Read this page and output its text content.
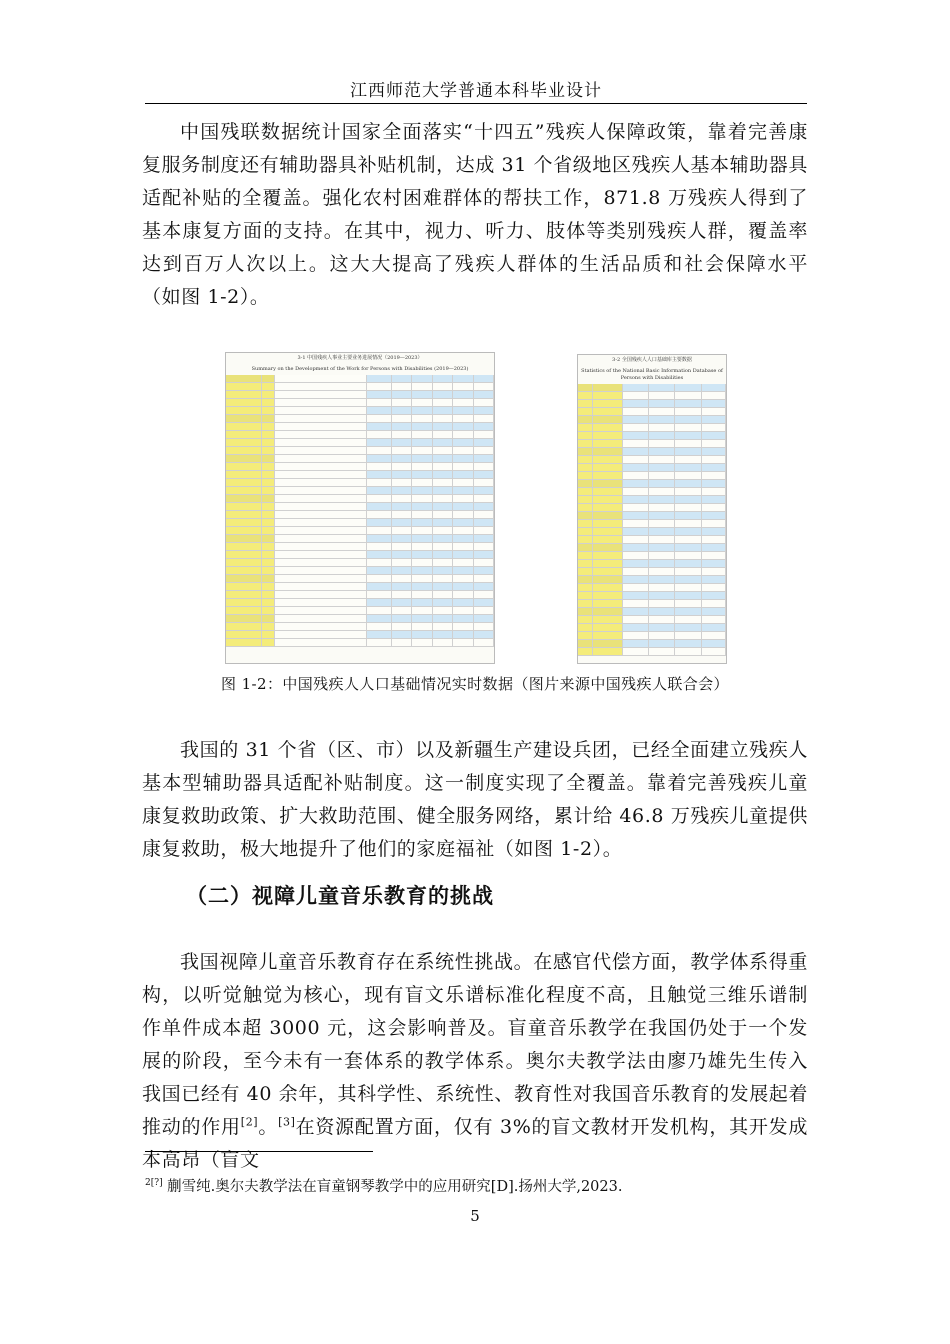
江西师范大学普通本科毕业设计

中国残联数据统计国家全面落实“十四五”残疾人保障政策，靠着完善康复服务制度还有辅助器具补贴机制，达成 31 个省级地区残疾人基本辅助器具适配补贴的全覆盖。强化农村困难群体的帮扶工作，871.8 万残疾人得到了基本康复方面的支持。在其中，视力、听力、肢体等类别残疾人群，覆盖率达到百万人次以上。这大大提高了残疾人群体的生活品质和社会保障水平（如图 1-2）。

3-1 中国残疾人事业主要业务进展情况（2019—2023）
Summary on the Development of the Work for Persons with Disabilities (2019—2023)
3-2 全国残疾人人口基础库主要数据
Statistics of the National Basic Information Database of Persons with Disabilities
图 1-2：中国残疾人人口基础情况实时数据（图片来源中国残疾人联合会）

我国的 31 个省（区、市）以及新疆生产建设兵团，已经全面建立残疾人基本型辅助器具适配补贴制度。这一制度实现了全覆盖。靠着完善残疾儿童康复救助政策、扩大救助范围、健全服务网络，累计给 46.8 万残疾儿童提供康复救助，极大地提升了他们的家庭福祉（如图 1-2）。

（二）视障儿童音乐教育的挑战

我国视障儿童音乐教育存在系统性挑战。在感官代偿方面，教学体系得重构，以听觉触觉为核心，现有盲文乐谱标准化程度不高，且触觉三维乐谱制作单件成本超 3000 元，这会影响普及。盲童音乐教学在我国仍处于一个发展的阶段，至今未有一套体系的教学体系。奥尔夫教学法由廖乃雄先生传入我国已经有 40 余年，其科学性、系统性、教育性对我国音乐教育的发展起着推动的作用[2]。[3]在资源配置方面，仅有 3%的盲文教材开发机构，其开发成本高昂（盲文

$^{2[?]}$ 蒯雪纯.奥尔夫教学法在盲童钢琴教学中的应用研究[D].扬州大学,2023.
5
